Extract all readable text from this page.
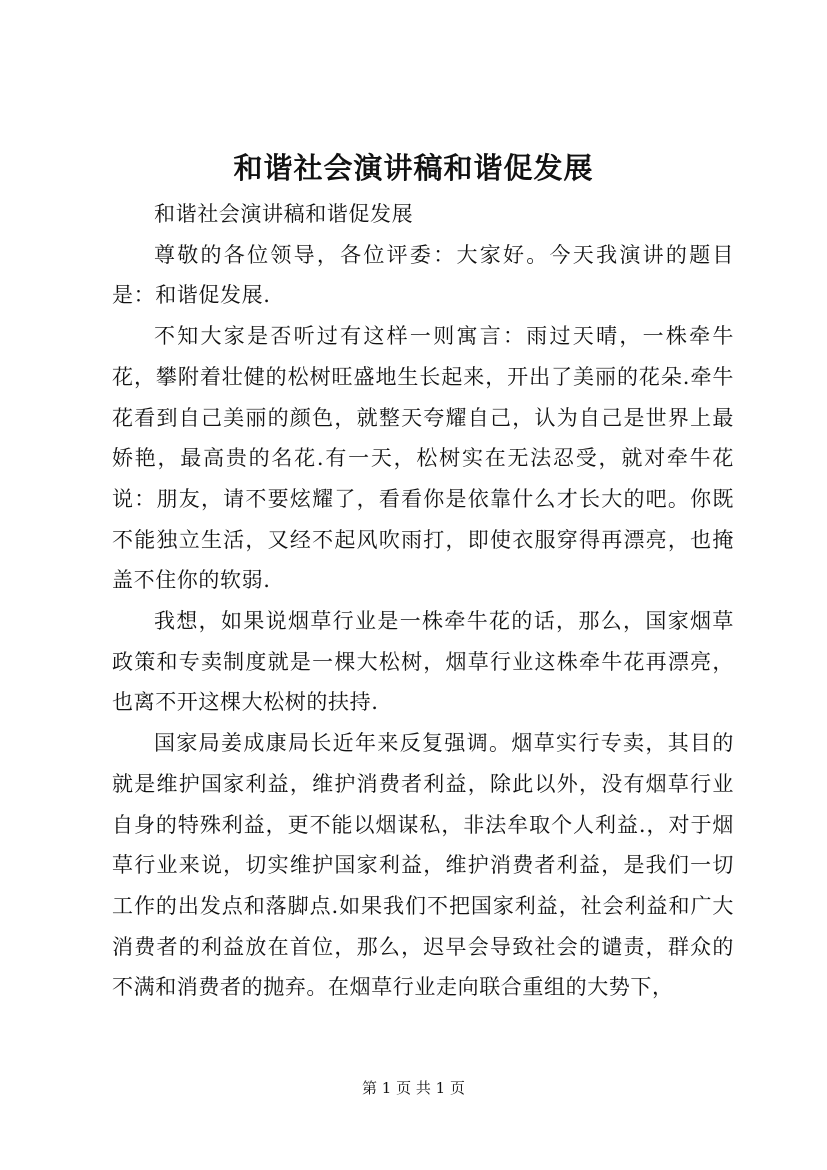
和谐社会演讲稿和谐促发展

和谐社会演讲稿和谐促发展

尊敬的各位领导，各位评委：大家好。今天我演讲的题目是：和谐促发展.

不知大家是否听过有这样一则寓言：雨过天晴，一株牵牛花，攀附着壮健的松树旺盛地生长起来，开出了美丽的花朵.牵牛花看到自己美丽的颜色，就整天夸耀自己，认为自己是世界上最娇艳，最高贵的名花.有一天，松树实在无法忍受，就对牵牛花说：朋友，请不要炫耀了，看看你是依靠什么才长大的吧。你既不能独立生活，又经不起风吹雨打，即使衣服穿得再漂亮，也掩盖不住你的软弱.

我想，如果说烟草行业是一株牵牛花的话，那么，国家烟草政策和专卖制度就是一棵大松树，烟草行业这株牵牛花再漂亮，也离不开这棵大松树的扶持.

国家局姜成康局长近年来反复强调。烟草实行专卖，其目的就是维护国家利益，维护消费者利益，除此以外，没有烟草行业自身的特殊利益，更不能以烟谋私，非法牟取个人利益.，对于烟草行业来说，切实维护国家利益，维护消费者利益，是我们一切工作的出发点和落脚点.如果我们不把国家利益，社会利益和广大消费者的利益放在首位，那么，迟早会导致社会的谴责，群众的不满和消费者的抛弃。在烟草行业走向联合重组的大势下，

第 1 页 共 1 页
